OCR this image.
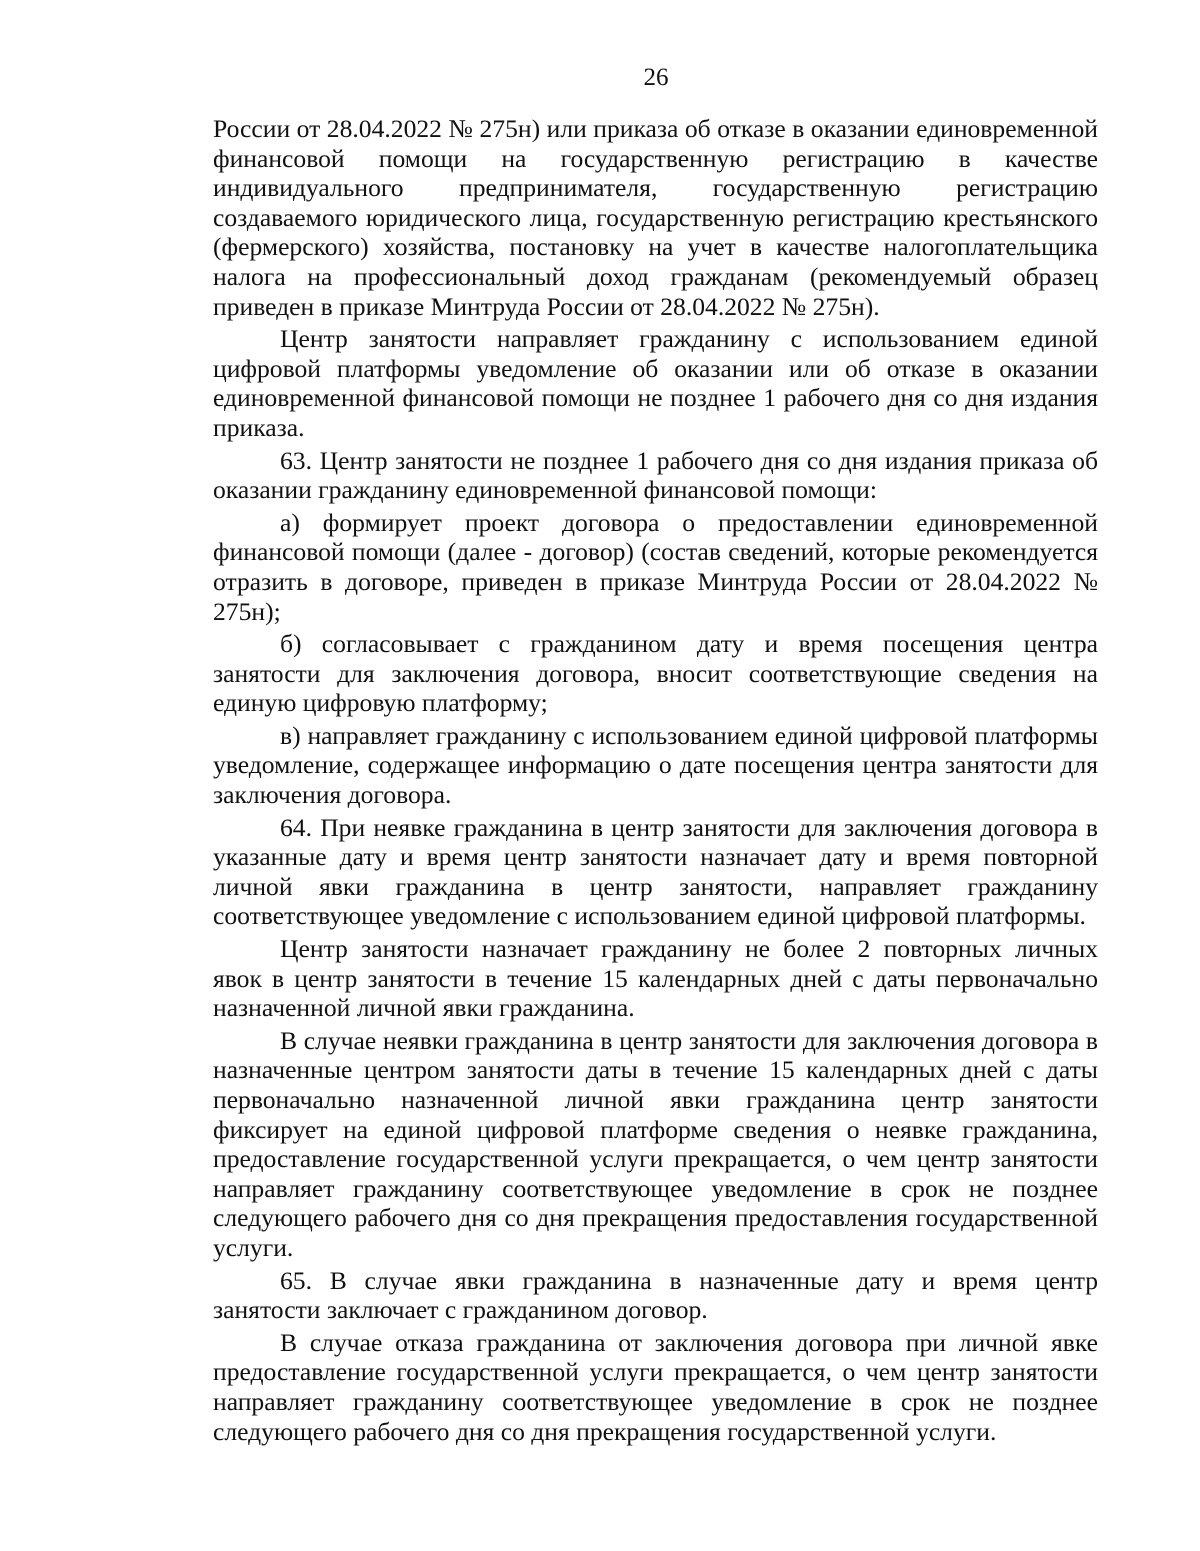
26

России от 28.04.2022 № 275н) или приказа об отказе в оказании единовременной финансовой помощи на государственную регистрацию в качестве индивидуального предпринимателя, государственную регистрацию создаваемого юридического лица, государственную регистрацию крестьянского (фермерского) хозяйства, постановку на учет в качестве налогоплательщика налога на профессиональный доход гражданам (рекомендуемый образец приведен в приказе Минтруда России от 28.04.2022 № 275н).

Центр занятости направляет гражданину с использованием единой цифровой платформы уведомление об оказании или об отказе в оказании единовременной финансовой помощи не позднее 1 рабочего дня со дня издания приказа.

63. Центр занятости не позднее 1 рабочего дня со дня издания приказа об оказании гражданину единовременной финансовой помощи:

а) формирует проект договора о предоставлении единовременной финансовой помощи (далее - договор) (состав сведений, которые рекомендуется отразить в договоре, приведен в приказе Минтруда России от 28.04.2022 № 275н);

б) согласовывает с гражданином дату и время посещения центра занятости для заключения договора, вносит соответствующие сведения на единую цифровую платформу;

в) направляет гражданину с использованием единой цифровой платформы уведомление, содержащее информацию о дате посещения центра занятости для заключения договора.

64. При неявке гражданина в центр занятости для заключения договора в указанные дату и время центр занятости назначает дату и время повторной личной явки гражданина в центр занятости, направляет гражданину соответствующее уведомление с использованием единой цифровой платформы.

Центр занятости назначает гражданину не более 2 повторных личных явок в центр занятости в течение 15 календарных дней с даты первоначально назначенной личной явки гражданина.

В случае неявки гражданина в центр занятости для заключения договора в назначенные центром занятости даты в течение 15 календарных дней с даты первоначально назначенной личной явки гражданина центр занятости фиксирует на единой цифровой платформе сведения о неявке гражданина, предоставление государственной услуги прекращается, о чем центр занятости направляет гражданину соответствующее уведомление в срок не позднее следующего рабочего дня со дня прекращения предоставления государственной услуги.

65. В случае явки гражданина в назначенные дату и время центр занятости заключает с гражданином договор.

В случае отказа гражданина от заключения договора при личной явке предоставление государственной услуги прекращается, о чем центр занятости направляет гражданину соответствующее уведомление в срок не позднее следующего рабочего дня со дня прекращения государственной услуги.
